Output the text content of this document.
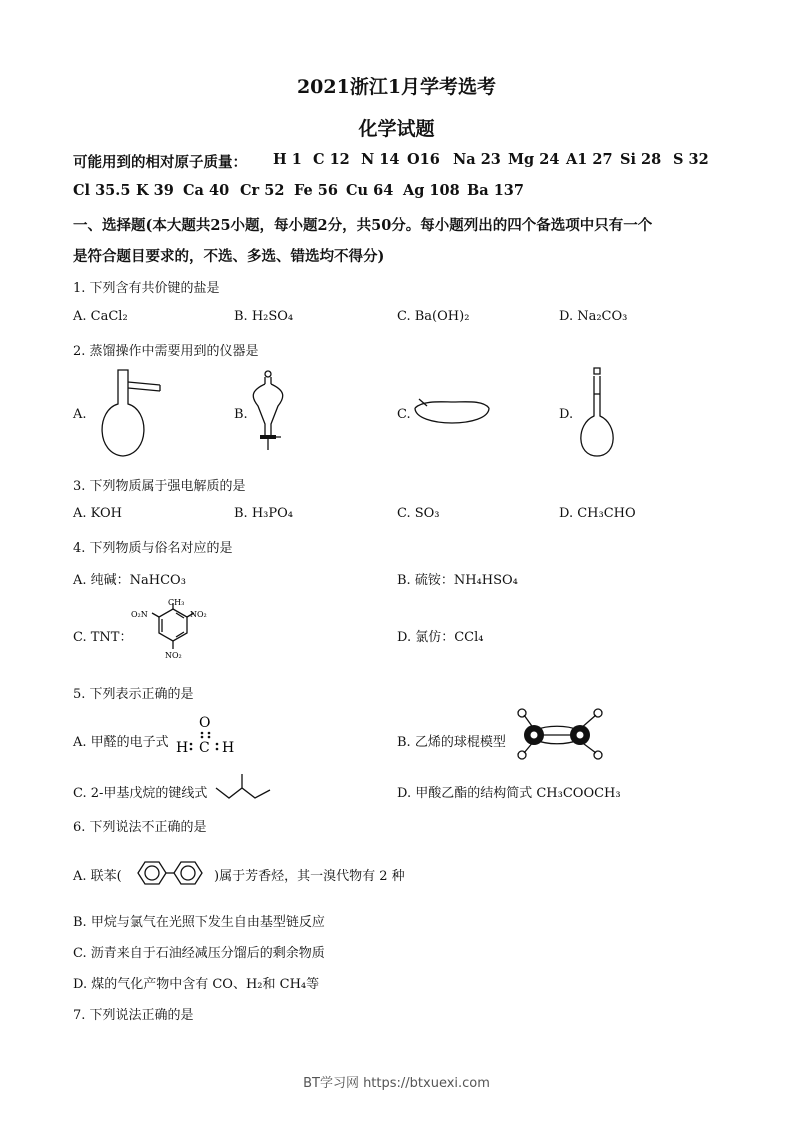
2021浙江1月学考选考
化学试题
可能用到的相对原子质量： H 1 C 12 N 14 O16 Na 23 Mg 24 A1 27 Si 28 S 32
Cl 35.5 K 39 Ca 40 Cr 52 Fe 56 Cu 64 Ag 108 Ba 137
一、选择题(本大题共25小题，每小题2分，共50分。每小题列出的四个备选项中只有一个
是符合题目要求的，不选、多选、错选均不得分)
1. 下列含有共价键的盐是
A. CaCl₂	B. H₂SO₄	C. Ba(OH)₂	D. Na₂CO₃
2. 蒸馏操作中需要用到的仪器是
A.	B.	C.	D.
3. 下列物质属于强电解质的是
A. KOH	B. H₃PO₄	C. SO₃	D. CH₃CHO
4. 下列物质与俗名对应的是
A. 纯碱：NaHCO₃	B. 硫铵：NH₄HSO₄
C. TNT：	D. 氯仿：CCl₄
CH₃
O₂N	NO₂
NO₂
5. 下列表示正确的是
A. 甲醛的电子式	B. 乙烯的球棍模型
C. 2-甲基戊烷的键线式	D. 甲酸乙酯的结构简式 CH₃COOCH₃
O
H C H
6. 下列说法不正确的是
A. 联苯(	)属于芳香烃，其一溴代物有 2 种
B. 甲烷与氯气在光照下发生自由基型链反应
C. 沥青来自于石油经减压分馏后的剩余物质
D. 煤的气化产物中含有 CO、H₂和 CH₄等
7. 下列说法正确的是
BT学习网 https://btxuexi.com
